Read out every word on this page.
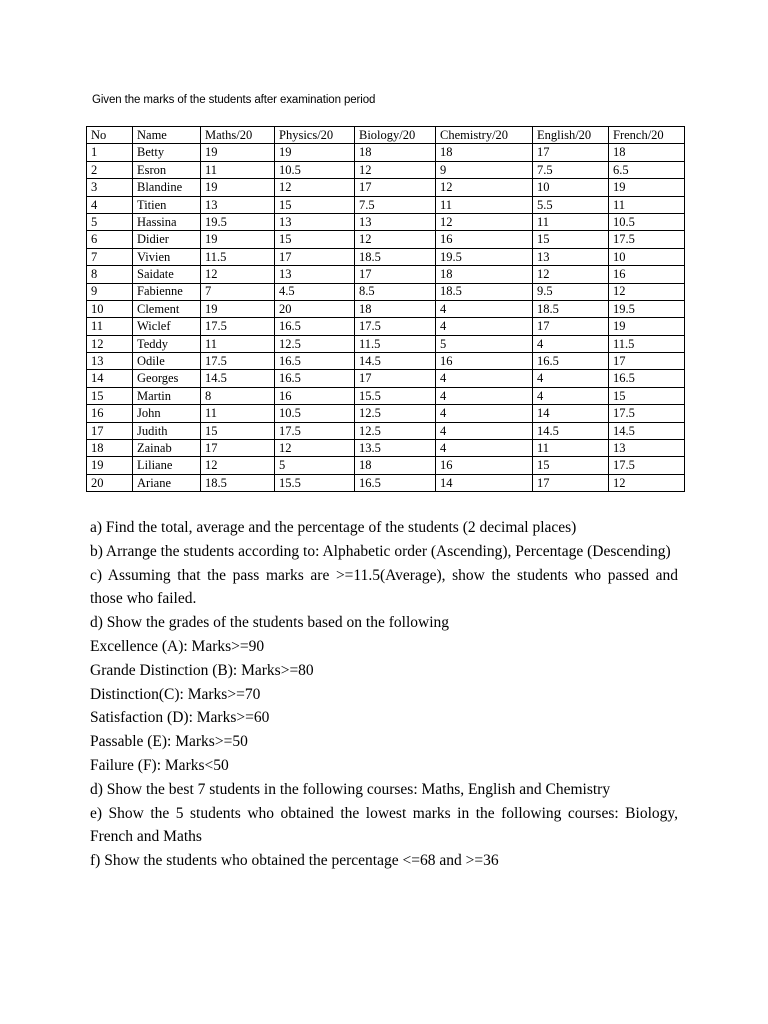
Given the marks of the students after examination period
No	Name	Maths/20	Physics/20	Biology/20	Chemistry/20	English/20	French/20
1	Betty	19	19	18	18	17	18
2	Esron	11	10.5	12	9	7.5	6.5
3	Blandine	19	12	17	12	10	19
4	Titien	13	15	7.5	11	5.5	11
5	Hassina	19.5	13	13	12	11	10.5
6	Didier	19	15	12	16	15	17.5
7	Vivien	11.5	17	18.5	19.5	13	10
8	Saidate	12	13	17	18	12	16
9	Fabienne	7	4.5	8.5	18.5	9.5	12
10	Clement	19	20	18	4	18.5	19.5
11	Wiclef	17.5	16.5	17.5	4	17	19
12	Teddy	11	12.5	11.5	5	4	11.5
13	Odile	17.5	16.5	14.5	16	16.5	17
14	Georges	14.5	16.5	17	4	4	16.5
15	Martin	8	16	15.5	4	4	15
16	John	11	10.5	12.5	4	14	17.5
17	Judith	15	17.5	12.5	4	14.5	14.5
18	Zainab	17	12	13.5	4	11	13
19	Liliane	12	5	18	16	15	17.5
20	Ariane	18.5	15.5	16.5	14	17	12

a) Find the total, average and the percentage of the students (2 decimal places)

b) Arrange the students according to: Alphabetic order (Ascending), Percentage (Descending)

c) Assuming that the pass marks are >=11.5(Average), show the students who passed and those who failed.

d) Show the grades of the students based on the following

Excellence (A): Marks>=90

Grande Distinction (B): Marks>=80

Distinction(C): Marks>=70

Satisfaction (D): Marks>=60

Passable (E): Marks>=50

Failure (F): Marks<50

d) Show the best 7 students in the following courses: Maths, English and Chemistry

e) Show the 5 students who obtained the lowest marks in the following courses: Biology, French and Maths

f) Show the students who obtained the percentage <=68 and >=36
